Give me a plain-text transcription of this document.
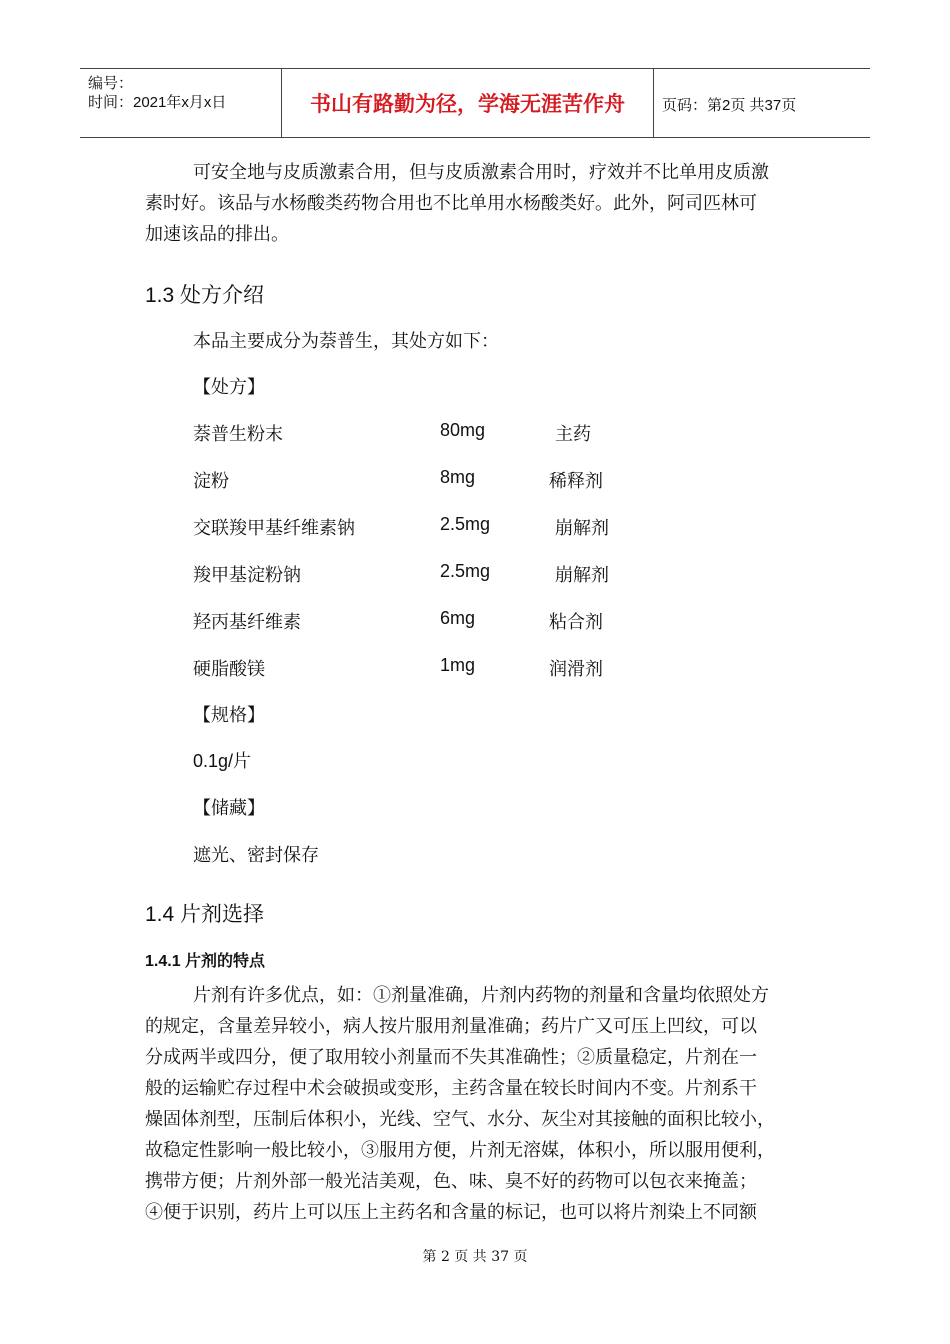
编号：
时间：2021年x月x日	书山有路勤为径，学海无涯苦作舟	页码：第2页 共37页
可安全地与皮质激素合用，但与皮质激素合用时，疗效并不比单用皮质激
素时好。该品与水杨酸类药物合用也不比单用水杨酸类好。此外，阿司匹林可
加速该品的排出。
1.3 处方介绍
本品主要成分为萘普生，其处方如下：
【处方】
萘普生粉末	80mg	主药
淀粉	8mg	稀释剂
交联羧甲基纤维素钠	2.5mg	崩解剂
羧甲基淀粉钠	2.5mg	崩解剂
羟丙基纤维素	6mg	粘合剂
硬脂酸镁	1mg	润滑剂
【规格】
0.1g/片
【储藏】
遮光、密封保存
1.4 片剂选择
1.4.1 片剂的特点
片剂有许多优点，如：①剂量准确，片剂内药物的剂量和含量均依照处方
的规定，含量差异较小，病人按片服用剂量准确；药片广又可压上凹纹，可以
分成两半或四分，便了取用较小剂量而不失其准确性；②质量稳定，片剂在一
般的运输贮存过程中术会破损或变形，主药含量在较长时间内不变。片剂系干
燥固体剂型，压制后体积小，光线、空气、水分、灰尘对其接触的面积比较小，
故稳定性影响一般比较小，③服用方便，片剂无溶媒，体积小，所以服用便利，
携带方便；片剂外部一般光洁美观，色、味、臭不好的药物可以包衣来掩盖；
④便于识别，药片上可以压上主药名和含量的标记，也可以将片剂染上不同额
第 2 页 共 37 页
